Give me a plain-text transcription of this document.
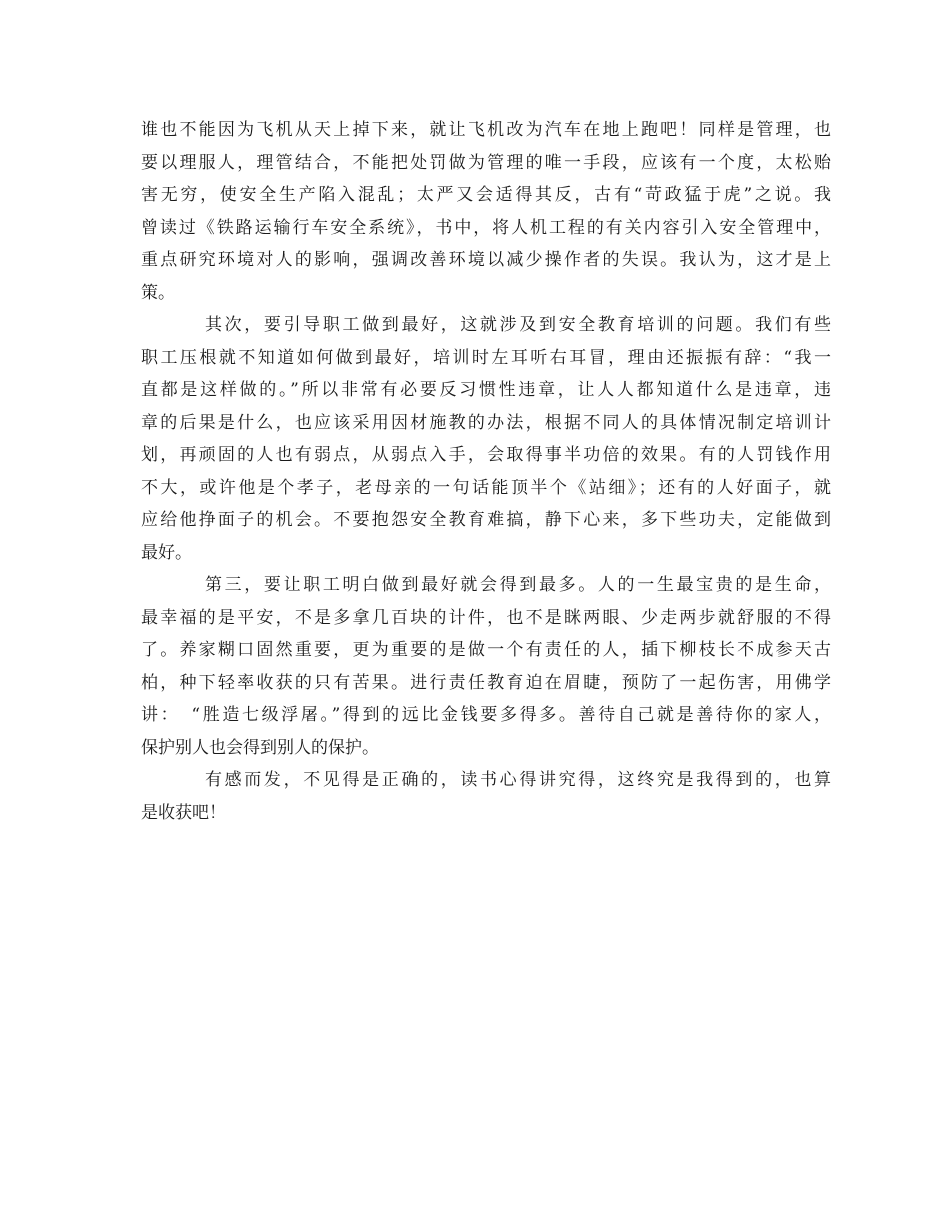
谁也不能因为飞机从天上掉下来，就让飞机改为汽车在地上跑吧！同样是管理，也
要以理服人，理管结合，不能把处罚做为管理的唯一手段，应该有一个度，太松贻
害无穷，使安全生产陷入混乱；太严又会适得其反，古有“苛政猛于虎”之说。我
曾读过《铁路运输行车安全系统》，书中，将人机工程的有关内容引入安全管理中，
重点研究环境对人的影响，强调改善环境以减少操作者的失误。我认为，这才是上
策。
其次，要引导职工做到最好，这就涉及到安全教育培训的问题。我们有些
职工压根就不知道如何做到最好，培训时左耳听右耳冒，理由还振振有辞：“我一
直都是这样做的。”所以非常有必要反习惯性违章，让人人都知道什么是违章，违
章的后果是什么，也应该采用因材施教的办法，根据不同人的具体情况制定培训计
划，再顽固的人也有弱点，从弱点入手，会取得事半功倍的效果。有的人罚钱作用
不大，或许他是个孝子，老母亲的一句话能顶半个《站细》；还有的人好面子，就
应给他挣面子的机会。不要抱怨安全教育难搞，静下心来，多下些功夫，定能做到
最好。
第三，要让职工明白做到最好就会得到最多。人的一生最宝贵的是生命，
最幸福的是平安，不是多拿几百块的计件，也不是眯两眼、少走两步就舒服的不得
了。养家糊口固然重要，更为重要的是做一个有责任的人，插下柳枝长不成参天古
柏，种下轻率收获的只有苦果。进行责任教育迫在眉睫，预防了一起伤害，用佛学
讲：　“胜造七级浮屠。”得到的远比金钱要多得多。善待自己就是善待你的家人，
保护别人也会得到别人的保护。
有感而发，不见得是正确的，读书心得讲究得，这终究是我得到的，也算
是收获吧！
